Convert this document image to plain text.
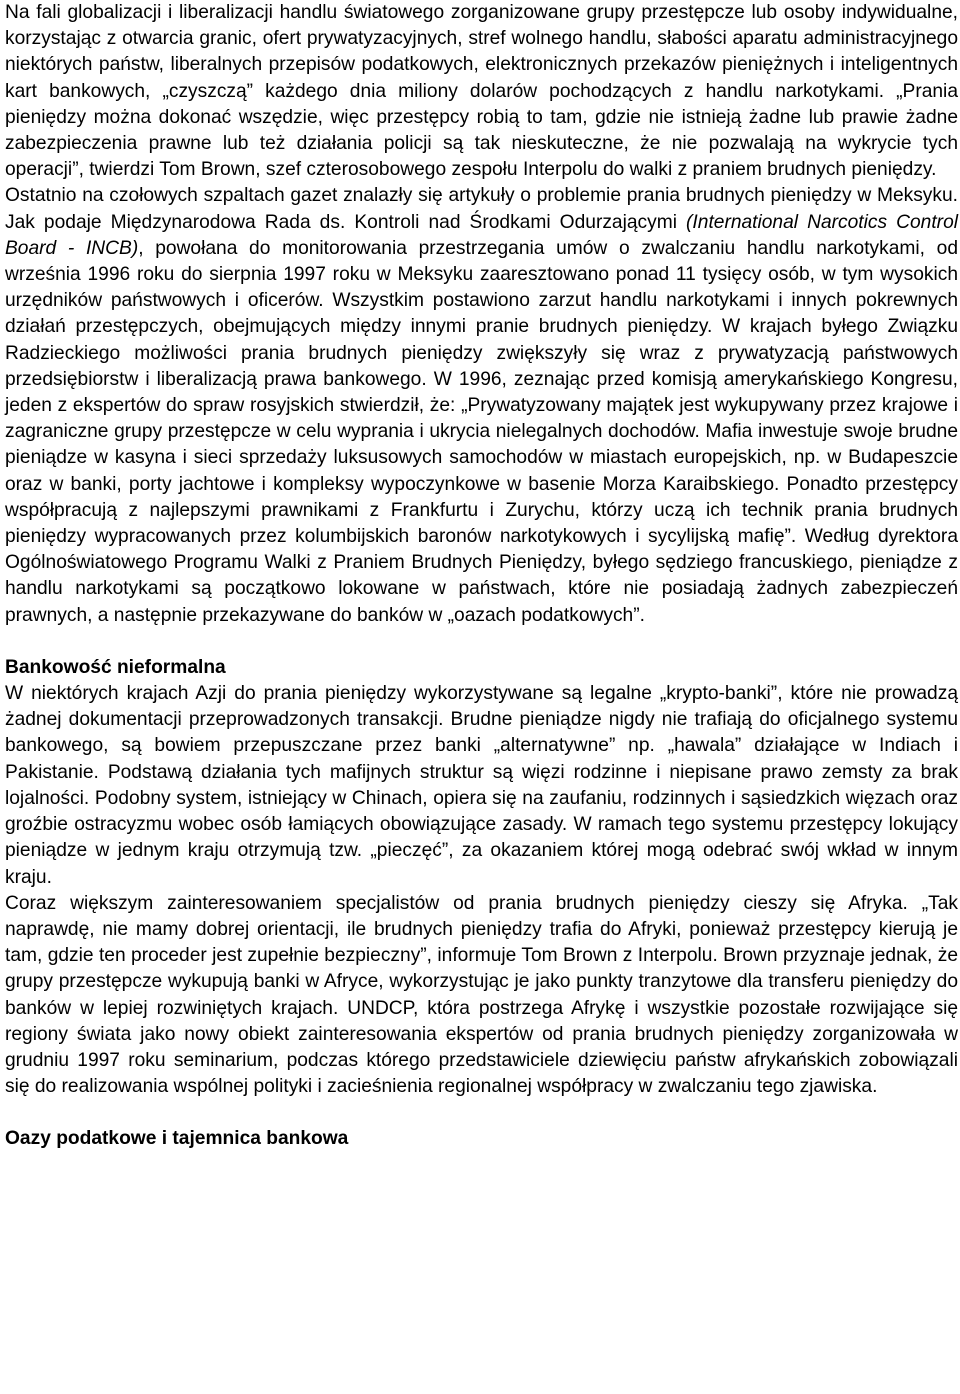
Na fali globalizacji i liberalizacji handlu światowego zorganizowane grupy przestępcze lub osoby indywidualne, korzystając z otwarcia granic, ofert prywatyzacyjnych, stref wolnego handlu, słabości aparatu administracyjnego niektórych państw, liberalnych przepisów podatkowych, elektronicznych przekazów pieniężnych i inteligentnych kart bankowych, „czyszczą” każdego dnia miliony dolarów pochodzących z handlu narkotykami. „Prania pieniędzy można dokonać wszędzie, więc przestępcy robią to tam, gdzie nie istnieją żadne lub prawie żadne zabezpieczenia prawne lub też działania policji są tak nieskuteczne, że nie pozwalają na wykrycie tych operacji”, twierdzi Tom Brown, szef czterosobowego zespołu Interpolu do walki z praniem brudnych pieniędzy.

Ostatnio na czołowych szpaltach gazet znalazły się artykuły o problemie prania brudnych pieniędzy w Meksyku. Jak podaje Międzynarodowa Rada ds. Kontroli nad Środkami Odurzającymi (International Narcotics Control Board - INCB), powołana do monitorowania przestrzegania umów o zwalczaniu handlu narkotykami, od września 1996 roku do sierpnia 1997 roku w Meksyku zaaresztowano ponad 11 tysięcy osób, w tym wysokich urzędników państwowych i oficerów. Wszystkim postawiono zarzut handlu narkotykami i innych pokrewnych działań przestępczych, obejmujących między innymi pranie brudnych pieniędzy. W krajach byłego Związku Radzieckiego możliwości prania brudnych pieniędzy zwiększyły się wraz z prywatyzacją państwowych przedsiębiorstw i liberalizacją prawa bankowego. W 1996, zeznając przed komisją amerykańskiego Kongresu, jeden z ekspertów do spraw rosyjskich stwierdził, że: „Prywatyzowany majątek jest wykupywany przez krajowe i zagraniczne grupy przestępcze w celu wyprania i ukrycia nielegalnych dochodów. Mafia inwestuje swoje brudne pieniądze w kasyna i sieci sprzedaży luksusowych samochodów w miastach europejskich, np. w Budapeszcie oraz w banki, porty jachtowe i kompleksy wypoczynkowe w basenie Morza Karaibskiego. Ponadto przestępcy współpracują z najlepszymi prawnikami z Frankfurtu i Zurychu, którzy uczą ich technik prania brudnych pieniędzy wypracowanych przez kolumbijskich baronów narkotykowych i sycylijską mafię”. Według dyrektora Ogólnoświatowego Programu Walki z Praniem Brudnych Pieniędzy, byłego sędziego francuskiego, pieniądze z handlu narkotykami są początkowo lokowane w państwach, które nie posiadają żadnych zabezpieczeń prawnych, a następnie przekazywane do banków w „oazach podatkowych”.

Bankowość nieformalna

W niektórych krajach Azji do prania pieniędzy wykorzystywane są legalne „krypto-banki”, które nie prowadzą żadnej dokumentacji przeprowadzonych transakcji. Brudne pieniądze nigdy nie trafiają do oficjalnego systemu bankowego, są bowiem przepuszczane przez banki „alternatywne” np. „hawala” działające w Indiach i Pakistanie. Podstawą działania tych mafijnych struktur są więzi rodzinne i niepisane prawo zemsty za brak lojalności. Podobny system, istniejący w Chinach, opiera się na zaufaniu, rodzinnych i sąsiedzkich więzach oraz groźbie ostracyzmu wobec osób łamiących obowiązujące zasady. W ramach tego systemu przestępcy lokujący pieniądze w jednym kraju otrzymują tzw. „pieczęć”, za okazaniem której mogą odebrać swój wkład w innym kraju.

Coraz większym zainteresowaniem specjalistów od prania brudnych pieniędzy cieszy się Afryka. „Tak naprawdę, nie mamy dobrej orientacji, ile brudnych pieniędzy trafia do Afryki, ponieważ przestępcy kierują je tam, gdzie ten proceder jest zupełnie bezpieczny”, informuje Tom Brown z Interpolu. Brown przyznaje jednak, że grupy przestępcze wykupują banki w Afryce, wykorzystując je jako punkty tranzytowe dla transferu pieniędzy do banków w lepiej rozwiniętych krajach. UNDCP, która postrzega Afrykę i wszystkie pozostałe rozwijające się regiony świata jako nowy obiekt zainteresowania ekspertów od prania brudnych pieniędzy zorganizowała w grudniu 1997 roku seminarium, podczas którego przedstawiciele dziewięciu państw afrykańskich zobowiązali się do realizowania wspólnej polityki i zacieśnienia regionalnej współpracy w zwalczaniu tego zjawiska.

Oazy podatkowe i tajemnica bankowa
